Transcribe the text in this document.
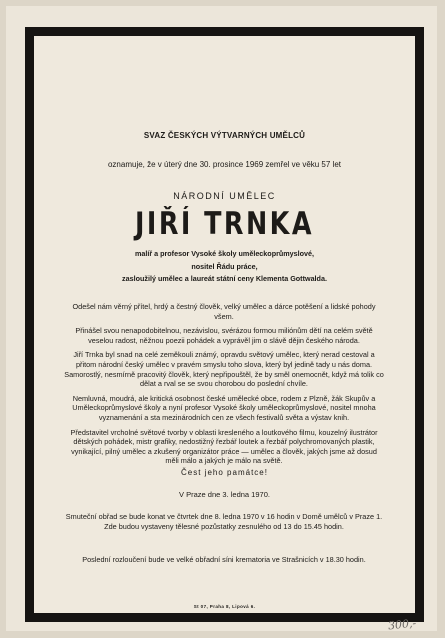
SVAZ ČESKÝCH VÝTVARNÝCH UMĚLCŮ
oznamuje, že v úterý dne 30. prosince 1969 zemřel ve věku 57 let
NÁRODNÍ UMĚLEC
JIŘÍ TRNKA
malíř a profesor Vysoké školy uměleckoprůmyslové,
nositel Řádu práce,
zasloužilý umělec a laureát státní ceny Klementa Gottwalda.

Odešel nám věrný přítel, hrdý a čestný člověk, velký umělec a dárce potěšení a lidské pohody všem.

Přinášel svou nenapodobitelnou, nezávislou, svérázou formou miliónům dětí na celém světě veselou radost, něžnou poezii pohádek a vyprávěl jim o slávě dějin českého národa.

Jiří Trnka byl snad na celé zeměkouli známý, opravdu světový umělec, který nerad cestoval a přitom národní český umělec v pravém smyslu toho slova, který byl jedině tady u nás doma. Samorostlý, nesmírně pracovitý člověk, který nepřipouštěl, že by směl onemocnět, když má tolik co dělat a rval se se svou chorobou do poslední chvíle.

Nemluvná, moudrá, ale kritická osobnost české umělecké obce, rodem z Plzně, žák Skupův a Uměleckoprůmyslové školy a nyní profesor Vysoké školy uměleckoprůmyslové, nositel mnoha vyznamenání a sta mezinárodních cen ze všech festivalů světa a výstav knih.

Představitel vrcholné světové tvorby v oblasti kresleného a loutkového filmu, kouzelný ilustrátor dětských pohádek, mistr grafiky, nedostižný řezbář loutek a řezbář polychromovaných plastik, vynikající, pilný umělec a zkušený organizátor práce — umělec a člověk, jakých jsme až dosud měli málo a jakých je málo na světě.

Čest jeho památce!
V Praze dne 3. ledna 1970.
Smuteční obřad se bude konat ve čtvrtek dne 8. ledna 1970 v 16 hodin v Domě umělců v Praze 1. Zde budou vystaveny tělesné pozůstatky zesnulého od 13 do 15.45 hodin.
Poslední rozloučení bude ve velké obřadní síni krematoria ve Strašnicích v 18.30 hodin.
St 07, Praha 8, Lipová 6.
300,-
